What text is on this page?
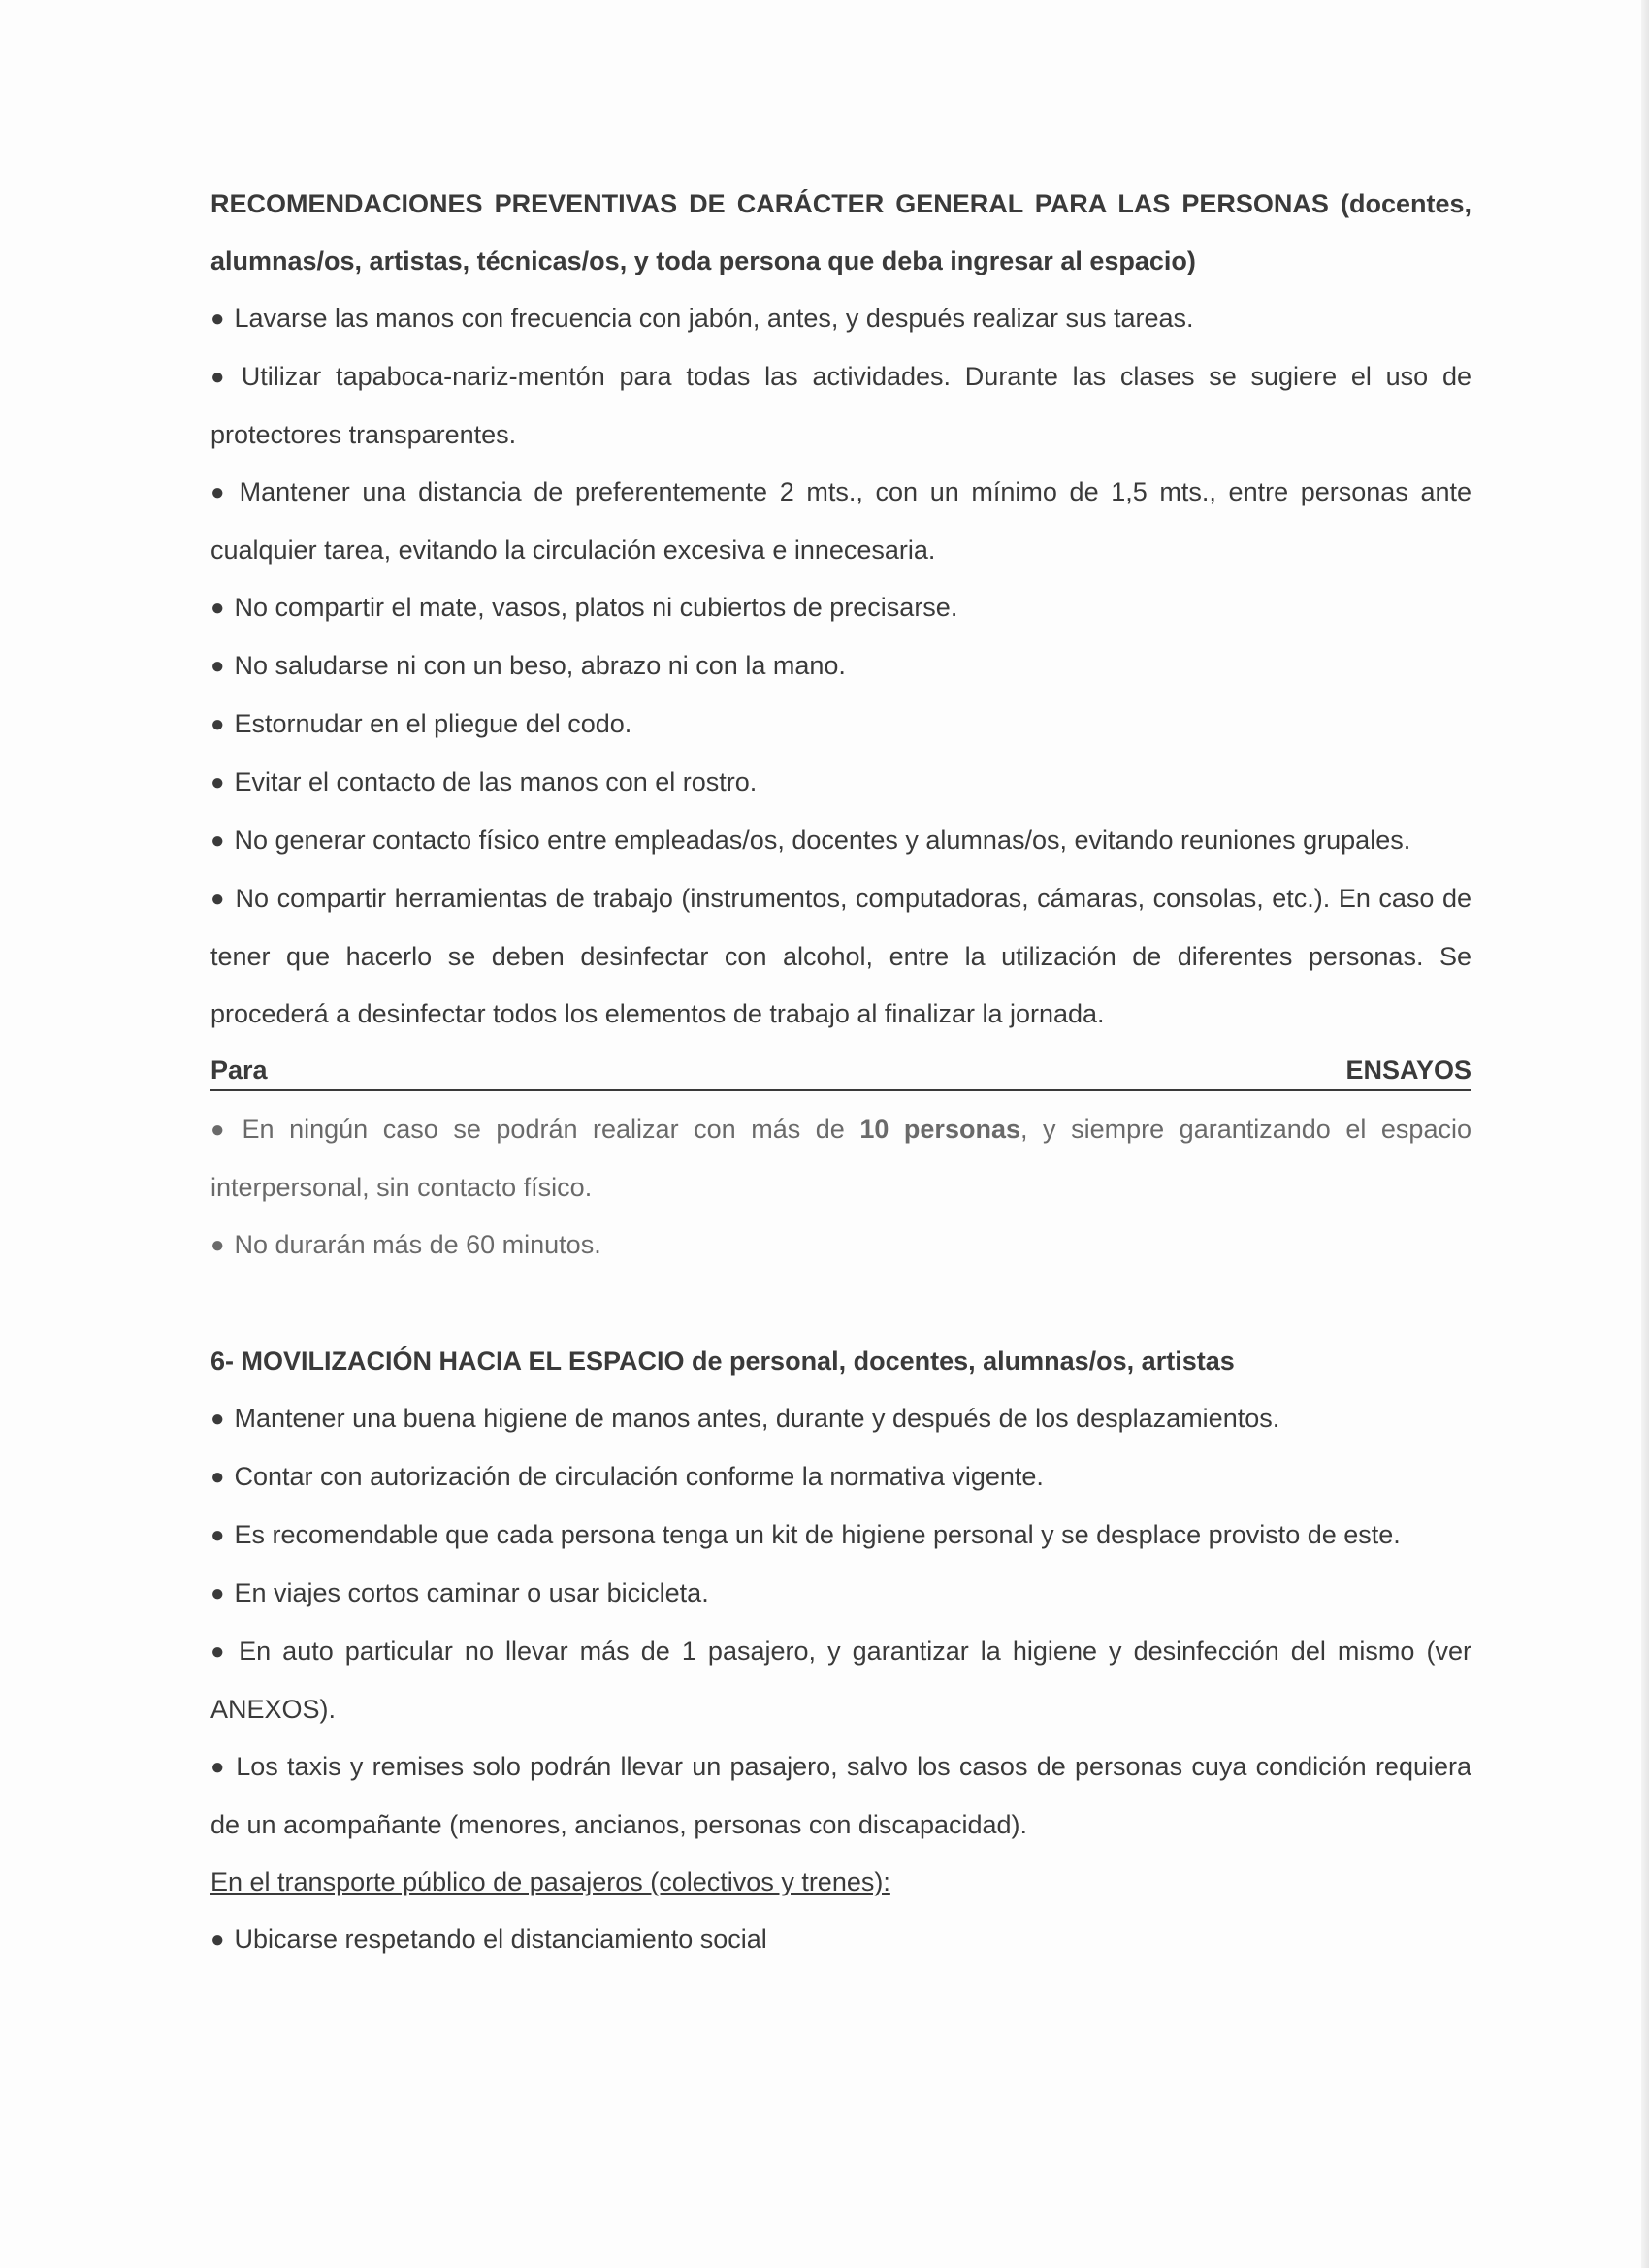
RECOMENDACIONES PREVENTIVAS DE CARÁCTER GENERAL PARA LAS PERSONAS (docentes, alumnas/os, artistas, técnicas/os, y toda persona que deba ingresar al espacio)

● Lavarse las manos con frecuencia con jabón, antes, y después realizar sus tareas.

● Utilizar tapaboca-nariz-mentón para todas las actividades. Durante las clases se sugiere el uso de protectores transparentes.

● Mantener una distancia de preferentemente 2 mts., con un mínimo de 1,5 mts., entre personas ante cualquier tarea, evitando la circulación excesiva e innecesaria.

● No compartir el mate, vasos, platos ni cubiertos de precisarse.

● No saludarse ni con un beso, abrazo ni con la mano.

● Estornudar en el pliegue del codo.

● Evitar el contacto de las manos con el rostro.

● No generar contacto físico entre empleadas/os, docentes y alumnas/os, evitando reuniones grupales.

● No compartir herramientas de trabajo (instrumentos, computadoras, cámaras, consolas, etc.). En caso de tener que hacerlo se deben desinfectar con alcohol, entre la utilización de diferentes personas. Se procederá a desinfectar todos los elementos de trabajo al finalizar la jornada.

Para	ENSAYOS

● En ningún caso se podrán realizar con más de 10 personas, y siempre garantizando el espacio interpersonal, sin contacto físico.

● No durarán más de 60 minutos.

6- MOVILIZACIÓN HACIA EL ESPACIO de personal, docentes, alumnas/os, artistas

● Mantener una buena higiene de manos antes, durante y después de los desplazamientos.

● Contar con autorización de circulación conforme la normativa vigente.

● Es recomendable que cada persona tenga un kit de higiene personal y se desplace provisto de este.

● En viajes cortos caminar o usar bicicleta.

● En auto particular no llevar más de 1 pasajero, y garantizar la higiene y desinfección del mismo (ver ANEXOS).

● Los taxis y remises solo podrán llevar un pasajero, salvo los casos de personas cuya condición requiera de un acompañante (menores, ancianos, personas con discapacidad).

En el transporte público de pasajeros (colectivos y trenes):

● Ubicarse respetando el distanciamiento social
